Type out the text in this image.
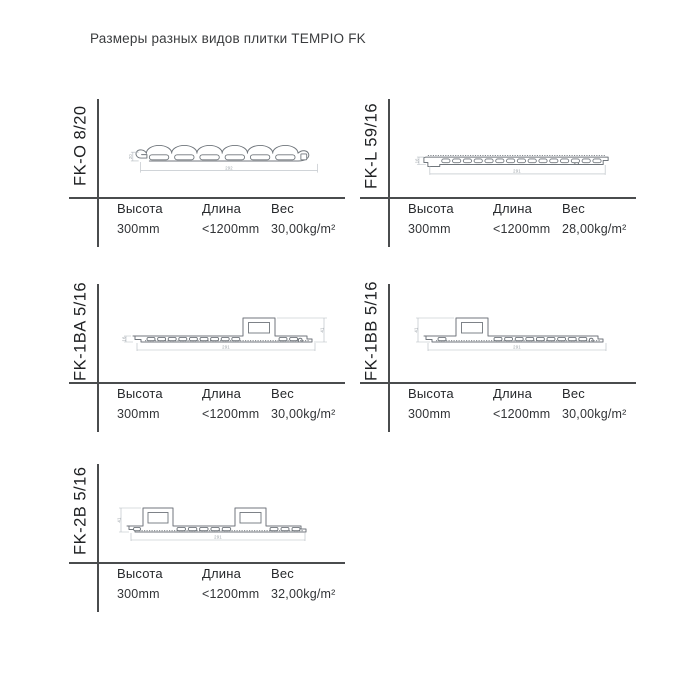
Размеры разных видов плитки TEMPIO FK
FK-O 8/20	292
20
Высота	Длина Вес
300mm	<1200mm 30,00kg/m²
FK-L 59/16	291
16
Высота	Длина Вес
300mm	<1200mm 28,00kg/m²
FK-1BA 5/16	291
16
41
Высота	Длина Вес
300mm	<1200mm 30,00kg/m²
FK-1BB 5/16	291
41
Высота	Длина Вес
300mm	<1200mm 30,00kg/m²
FK-2B 5/16	291
41
Высота	Длина Вес
300mm	<1200mm 32,00kg/m²
